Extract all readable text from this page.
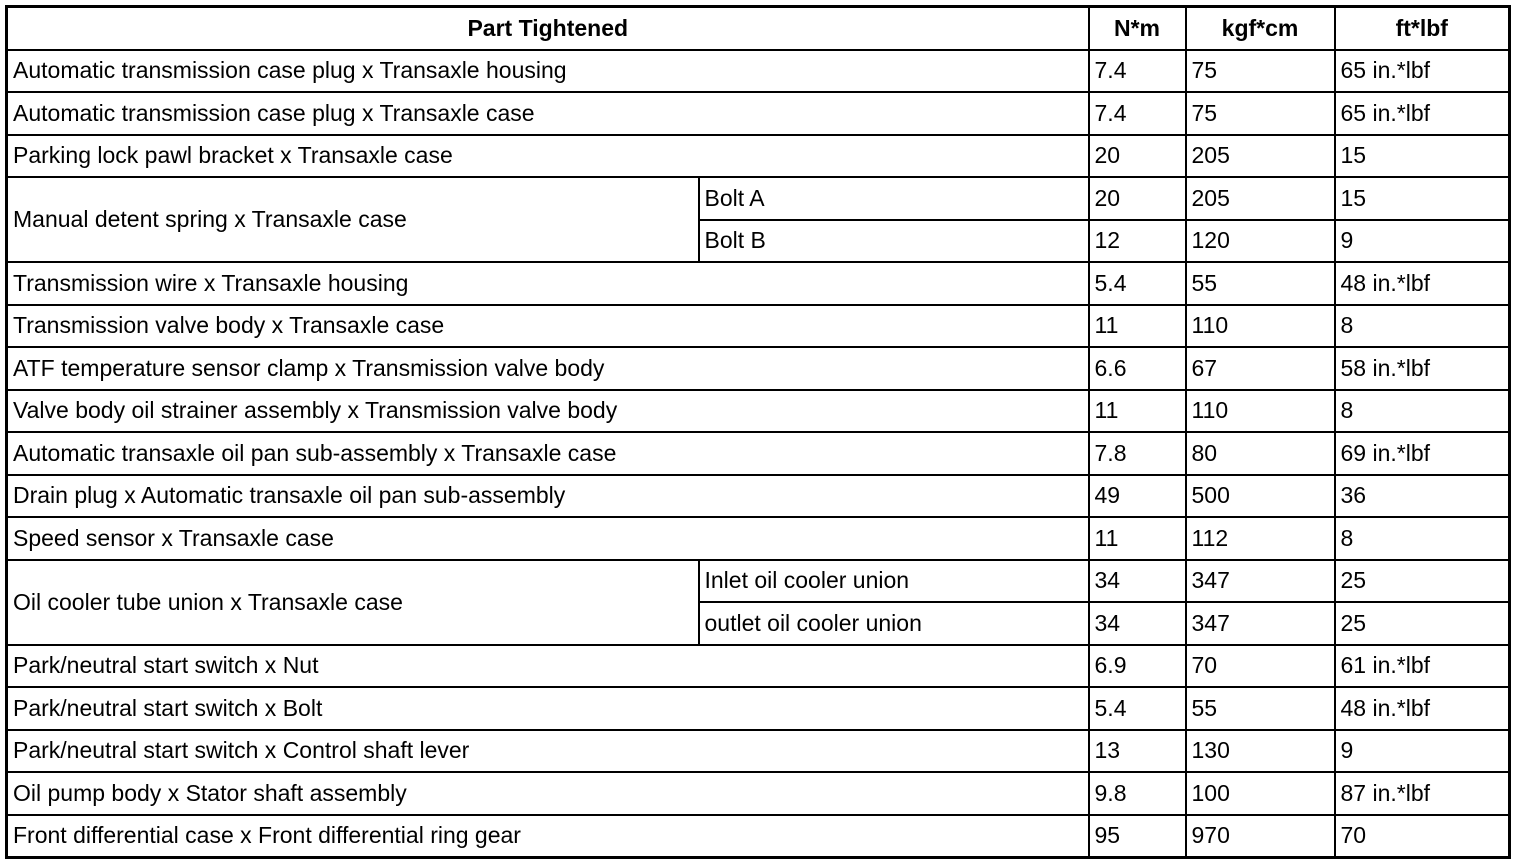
Part Tightened		N*m	kgf*cm	ft*lbf
Automatic transmission case plug x Transaxle housing		7.4	75	65 in.*lbf
Automatic transmission case plug x Transaxle case		7.4	75	65 in.*lbf
Parking lock pawl bracket x Transaxle case		20	205	15
Manual detent spring x Transaxle case	Bolt A	20	205	15
	Bolt B	12	120	9
Transmission wire x Transaxle housing		5.4	55	48 in.*lbf
Transmission valve body x Transaxle case		11	110	8
ATF temperature sensor clamp x Transmission valve body		6.6	67	58 in.*lbf
Valve body oil strainer assembly x Transmission valve body		11	110	8
Automatic transaxle oil pan sub-assembly x Transaxle case		7.8	80	69 in.*lbf
Drain plug x Automatic transaxle oil pan sub-assembly		49	500	36
Speed sensor x Transaxle case		11	112	8
Oil cooler tube union x Transaxle case	Inlet oil cooler union	34	347	25
	outlet oil cooler union	34	347	25
Park/neutral start switch x Nut		6.9	70	61 in.*lbf
Park/neutral start switch x Bolt		5.4	55	48 in.*lbf
Park/neutral start switch x Control shaft lever		13	130	9
Oil pump body x Stator shaft assembly		9.8	100	87 in.*lbf
Front differential case x Front differential ring gear		95	970	70
